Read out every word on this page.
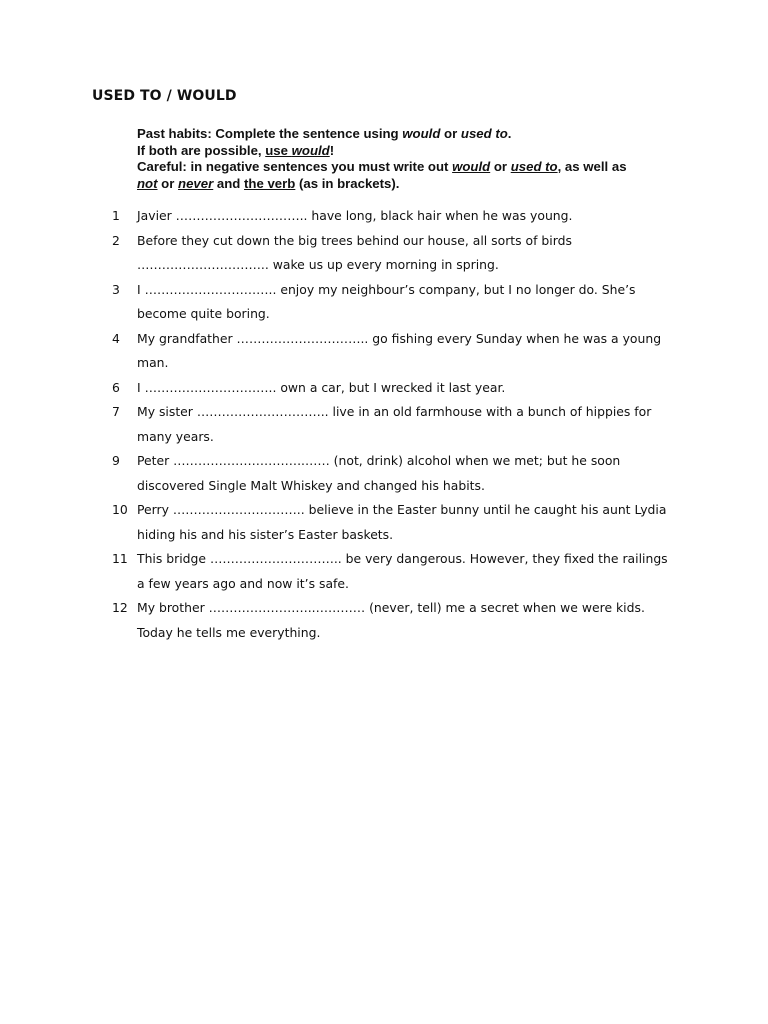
USED TO / WOULD
Past habits: Complete the sentence using would or used to.
If both are possible, use would!
Careful: in negative sentences you must write out would or used to, as well as
not or never and the verb (as in brackets).
1	Javier ………………………….. have long, black hair when he was young.
2	Before they cut down the big trees behind our house, all sorts of birds ………………………….. wake us up every morning in spring.
3	I ………………………….. enjoy my neighbour’s company, but I no longer do. She’s become quite boring.
4	My grandfather ………………………….. go fishing every Sunday when he was a young man.
6	I ………………………….. own a car, but I wrecked it last year.
7	My sister ………………………….. live in an old farmhouse with a bunch of hippies for many years.
9	Peter …………………………..…… (not, drink) alcohol when we met; but he soon discovered Single Malt Whiskey and changed his habits.
10 Perry ………………………….. believe in the Easter bunny until he caught his aunt Lydia hiding his and his sister’s Easter baskets.
11 This bridge ………………………….. be very dangerous. However, they fixed the railings a few years ago and now it’s safe.
12 My brother ……………………..………… (never, tell) me a secret when we were kids. Today he tells me everything.
